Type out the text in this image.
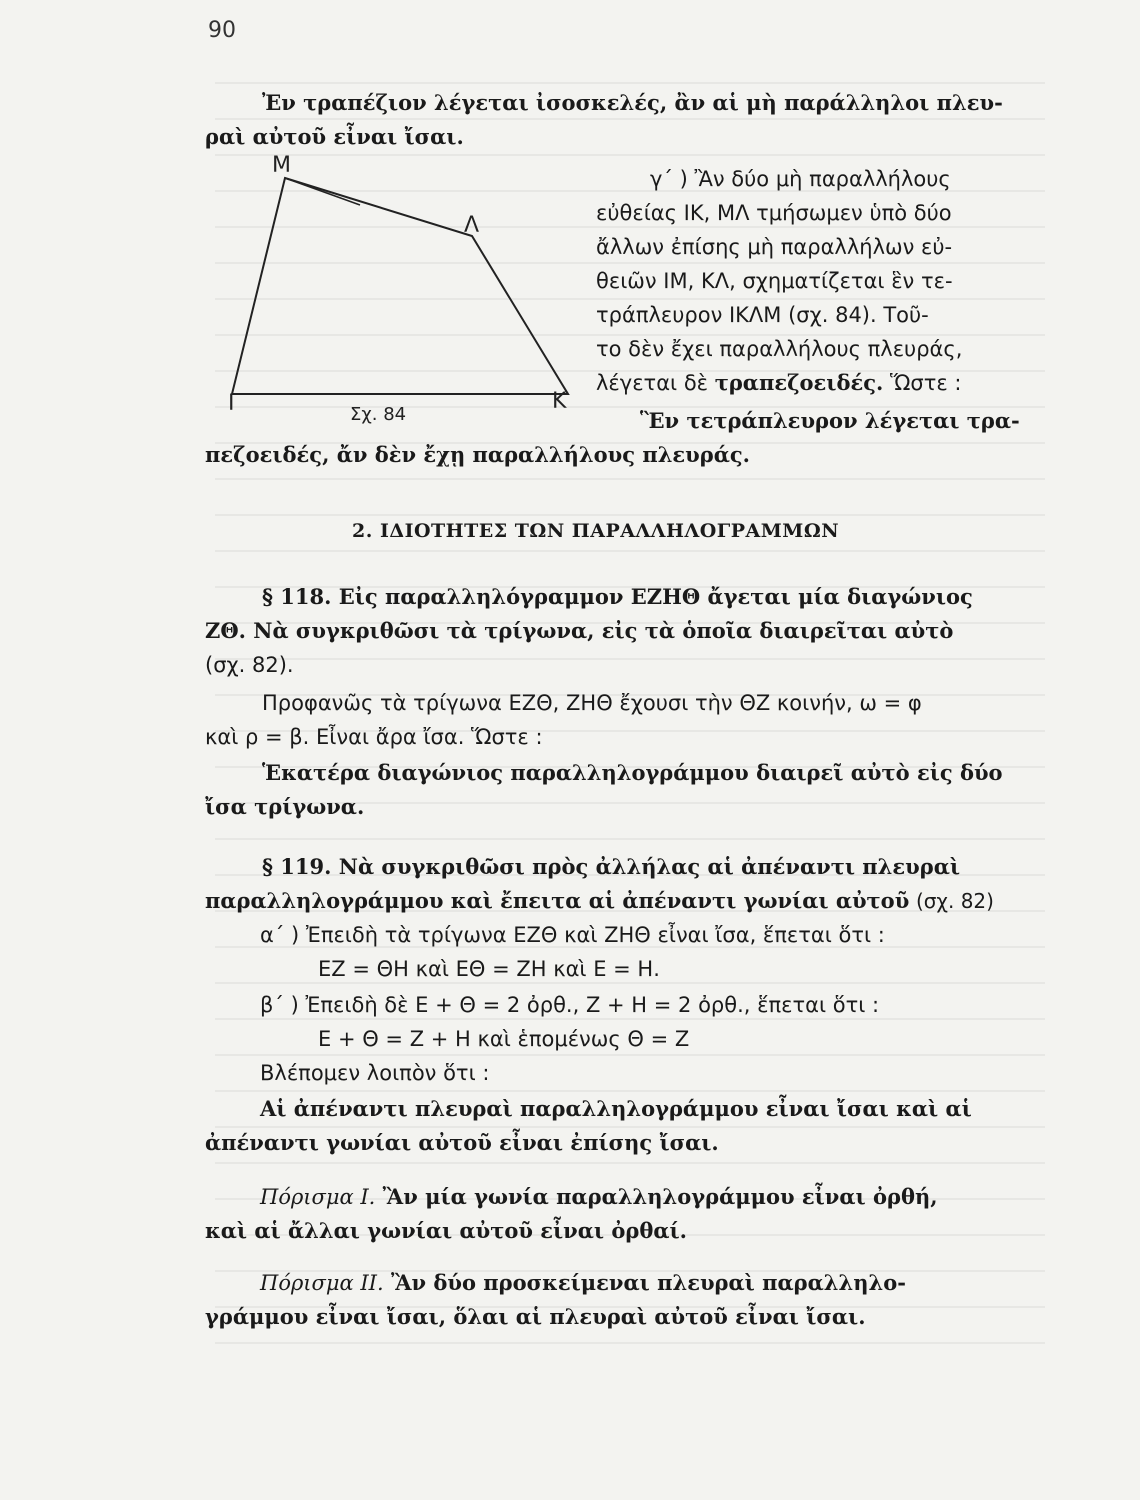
90

Ἐν τραπέζιον λέγεται ἰσοσκελές, ἂν αἱ μὴ παράλληλοι πλευ-

ραὶ αὐτοῦ εἶναι ἴσαι.

Μ
Λ
Ι	Κ
Σχ. 84

γ΄ ) Ἂν δύο μὴ παραλλήλους

εὐθείας ΙΚ, ΜΛ τμήσωμεν ὑπὸ δύο

ἄλλων ἐπίσης μὴ παραλλήλων εὐ-

θειῶν ΙΜ, ΚΛ, σχηματίζεται ἓν τε-

τράπλευρον ΙΚΛΜ (σχ. 84). Τοῦ-

το δὲν ἔχει παραλλήλους πλευράς,

λέγεται δὲ τραπεζοειδές. Ὥστε :

Ἓν τετράπλευρον λέγεται τρα-

πεζοειδές, ἄν δὲν ἔχῃ παραλλήλους πλευράς.

2. ΙΔΙΟΤΗΤΕΣ ΤΩΝ ΠΑΡΑΛΛΗΛΟΓΡΑΜΜΩΝ

§ 118. Εἰς παραλληλόγραμμον ΕΖΗΘ ἄγεται μία διαγώνιος

ΖΘ. Νὰ συγκριθῶσι τὰ τρίγωνα, εἰς τὰ ὁποῖα διαιρεῖται αὐτὸ

(σχ. 82).

Προφανῶς τὰ τρίγωνα ΕΖΘ, ΖΗΘ ἔχουσι τὴν ΘΖ κοινήν, ω = φ

καὶ ρ = β. Εἶναι ἄρα ἴσα. Ὥστε :

Ἑκατέρα διαγώνιος παραλληλογράμμου διαιρεῖ αὐτὸ εἰς δύο

ἴσα τρίγωνα.

§ 119. Νὰ συγκριθῶσι πρὸς ἀλλήλας αἱ ἀπέναντι πλευραὶ

παραλληλογράμμου καὶ ἔπειτα αἱ ἀπέναντι γωνίαι αὐτοῦ (σχ. 82)

α΄ ) Ἐπειδὴ τὰ τρίγωνα ΕΖΘ καὶ ΖΗΘ εἶναι ἴσα, ἕπεται ὅτι :

ΕΖ = ΘΗ καὶ ΕΘ = ΖΗ καὶ Ε = Η.

β΄ ) Ἐπειδὴ δὲ Ε + Θ = 2 ὀρθ., Ζ + Η = 2 ὀρθ., ἕπεται ὅτι :

Ε + Θ = Ζ + Η καὶ ἑπομένως Θ = Ζ

Βλέπομεν λοιπὸν ὅτι :

Αἱ ἀπέναντι πλευραὶ παραλληλογράμμου εἶναι ἴσαι καὶ αἱ

ἀπέναντι γωνίαι αὐτοῦ εἶναι ἐπίσης ἴσαι.

Πόρισμα Ι. Ἂν μία γωνία παραλληλογράμμου εἶναι ὀρθή,

καὶ αἱ ἄλλαι γωνίαι αὐτοῦ εἶναι ὀρθαί.

Πόρισμα ΙΙ. Ἂν δύο προσκείμεναι πλευραὶ παραλληλο-

γράμμου εἶναι ἴσαι, ὅλαι αἱ πλευραὶ αὐτοῦ εἶναι ἴσαι.
